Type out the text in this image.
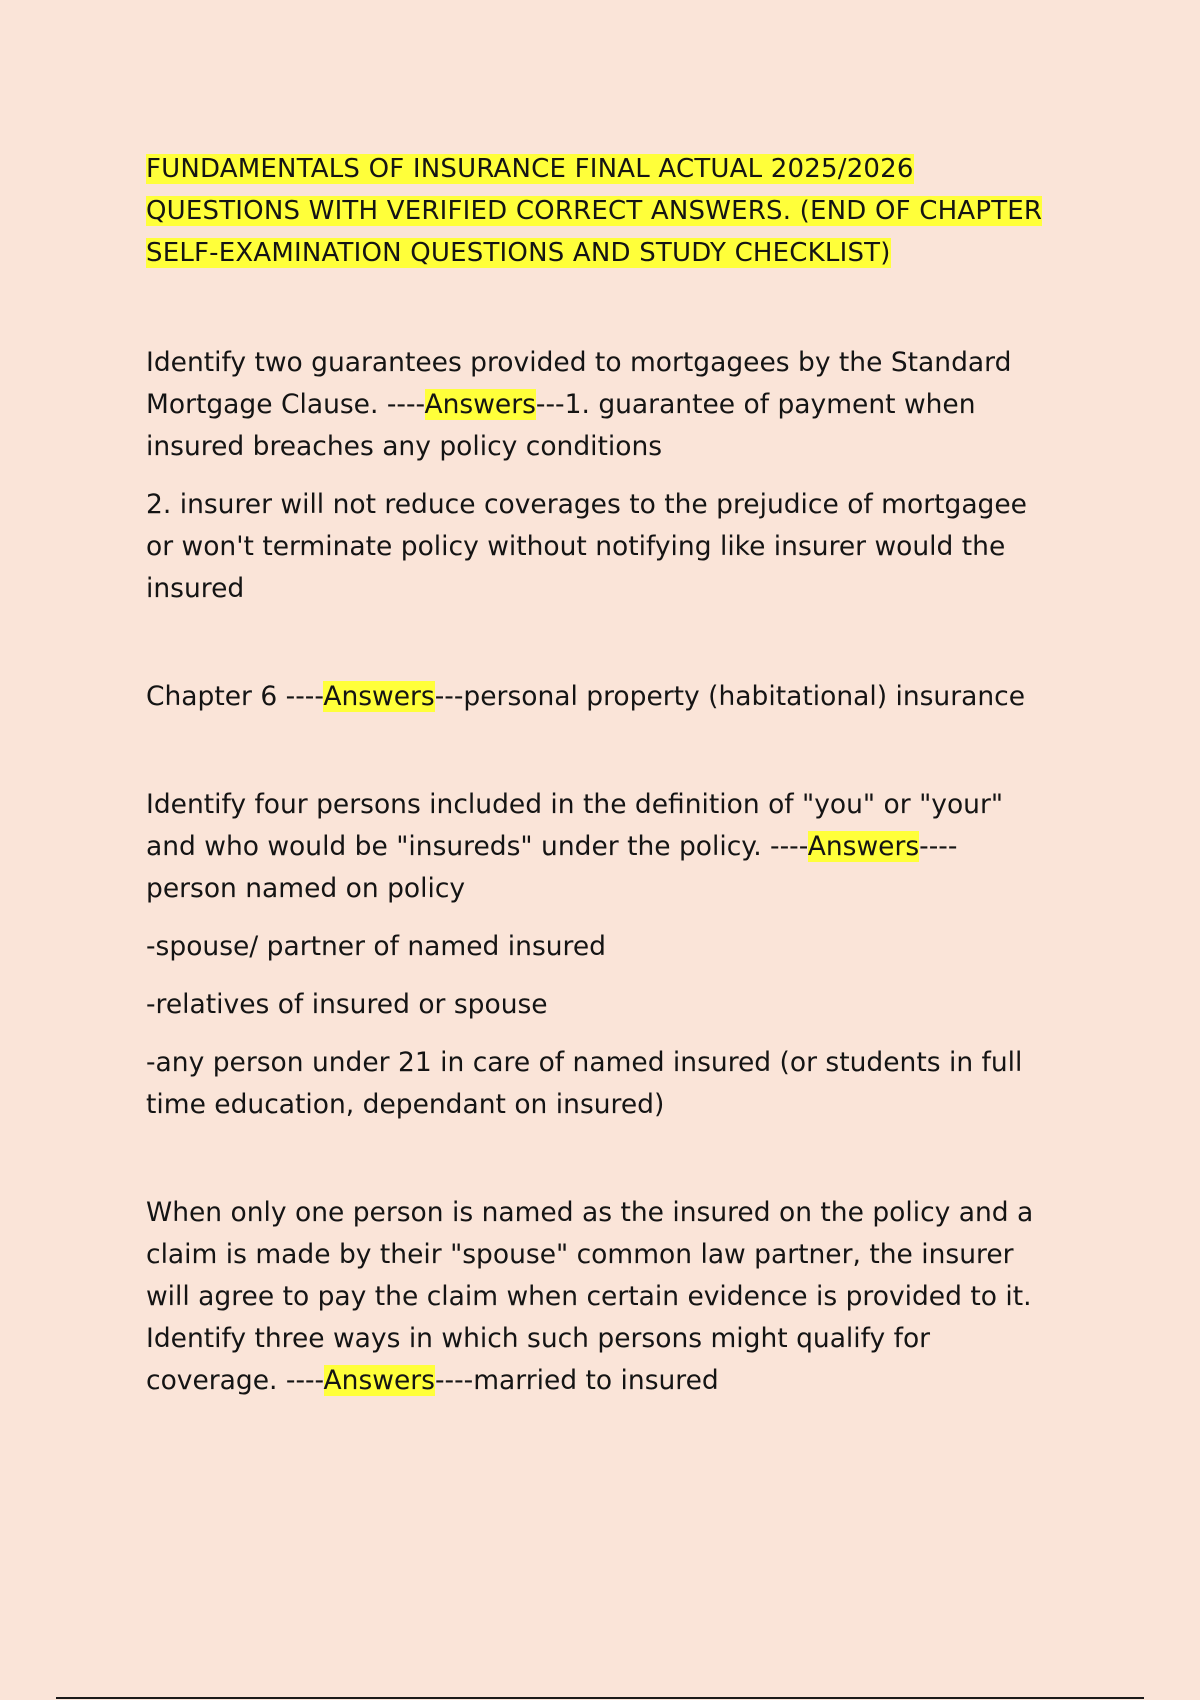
FUNDAMENTALS OF INSURANCE FINAL ACTUAL 2025/2026 QUESTIONS WITH VERIFIED CORRECT ANSWERS. (END OF CHAPTER SELF-EXAMINATION QUESTIONS AND STUDY CHECKLIST)

Identify two guarantees provided to mortgagees by the Standard Mortgage Clause. ----Answers---1. guarantee of payment when insured breaches any policy conditions

2. insurer will not reduce coverages to the prejudice of mortgagee or won't terminate policy without notifying like insurer would the insured

Chapter 6 ----Answers---personal property (habitational) insurance

Identify four persons included in the definition of "you" or "your" and who would be "insureds" under the policy. ----Answers----person named on policy

-spouse/ partner of named insured

-relatives of insured or spouse

-any person under 21 in care of named insured (or students in full time education, dependant on insured)

When only one person is named as the insured on the policy and a claim is made by their "spouse" common law partner, the insurer will agree to pay the claim when certain evidence is provided to it. Identify three ways in which such persons might qualify for coverage. ----Answers----married to insured
